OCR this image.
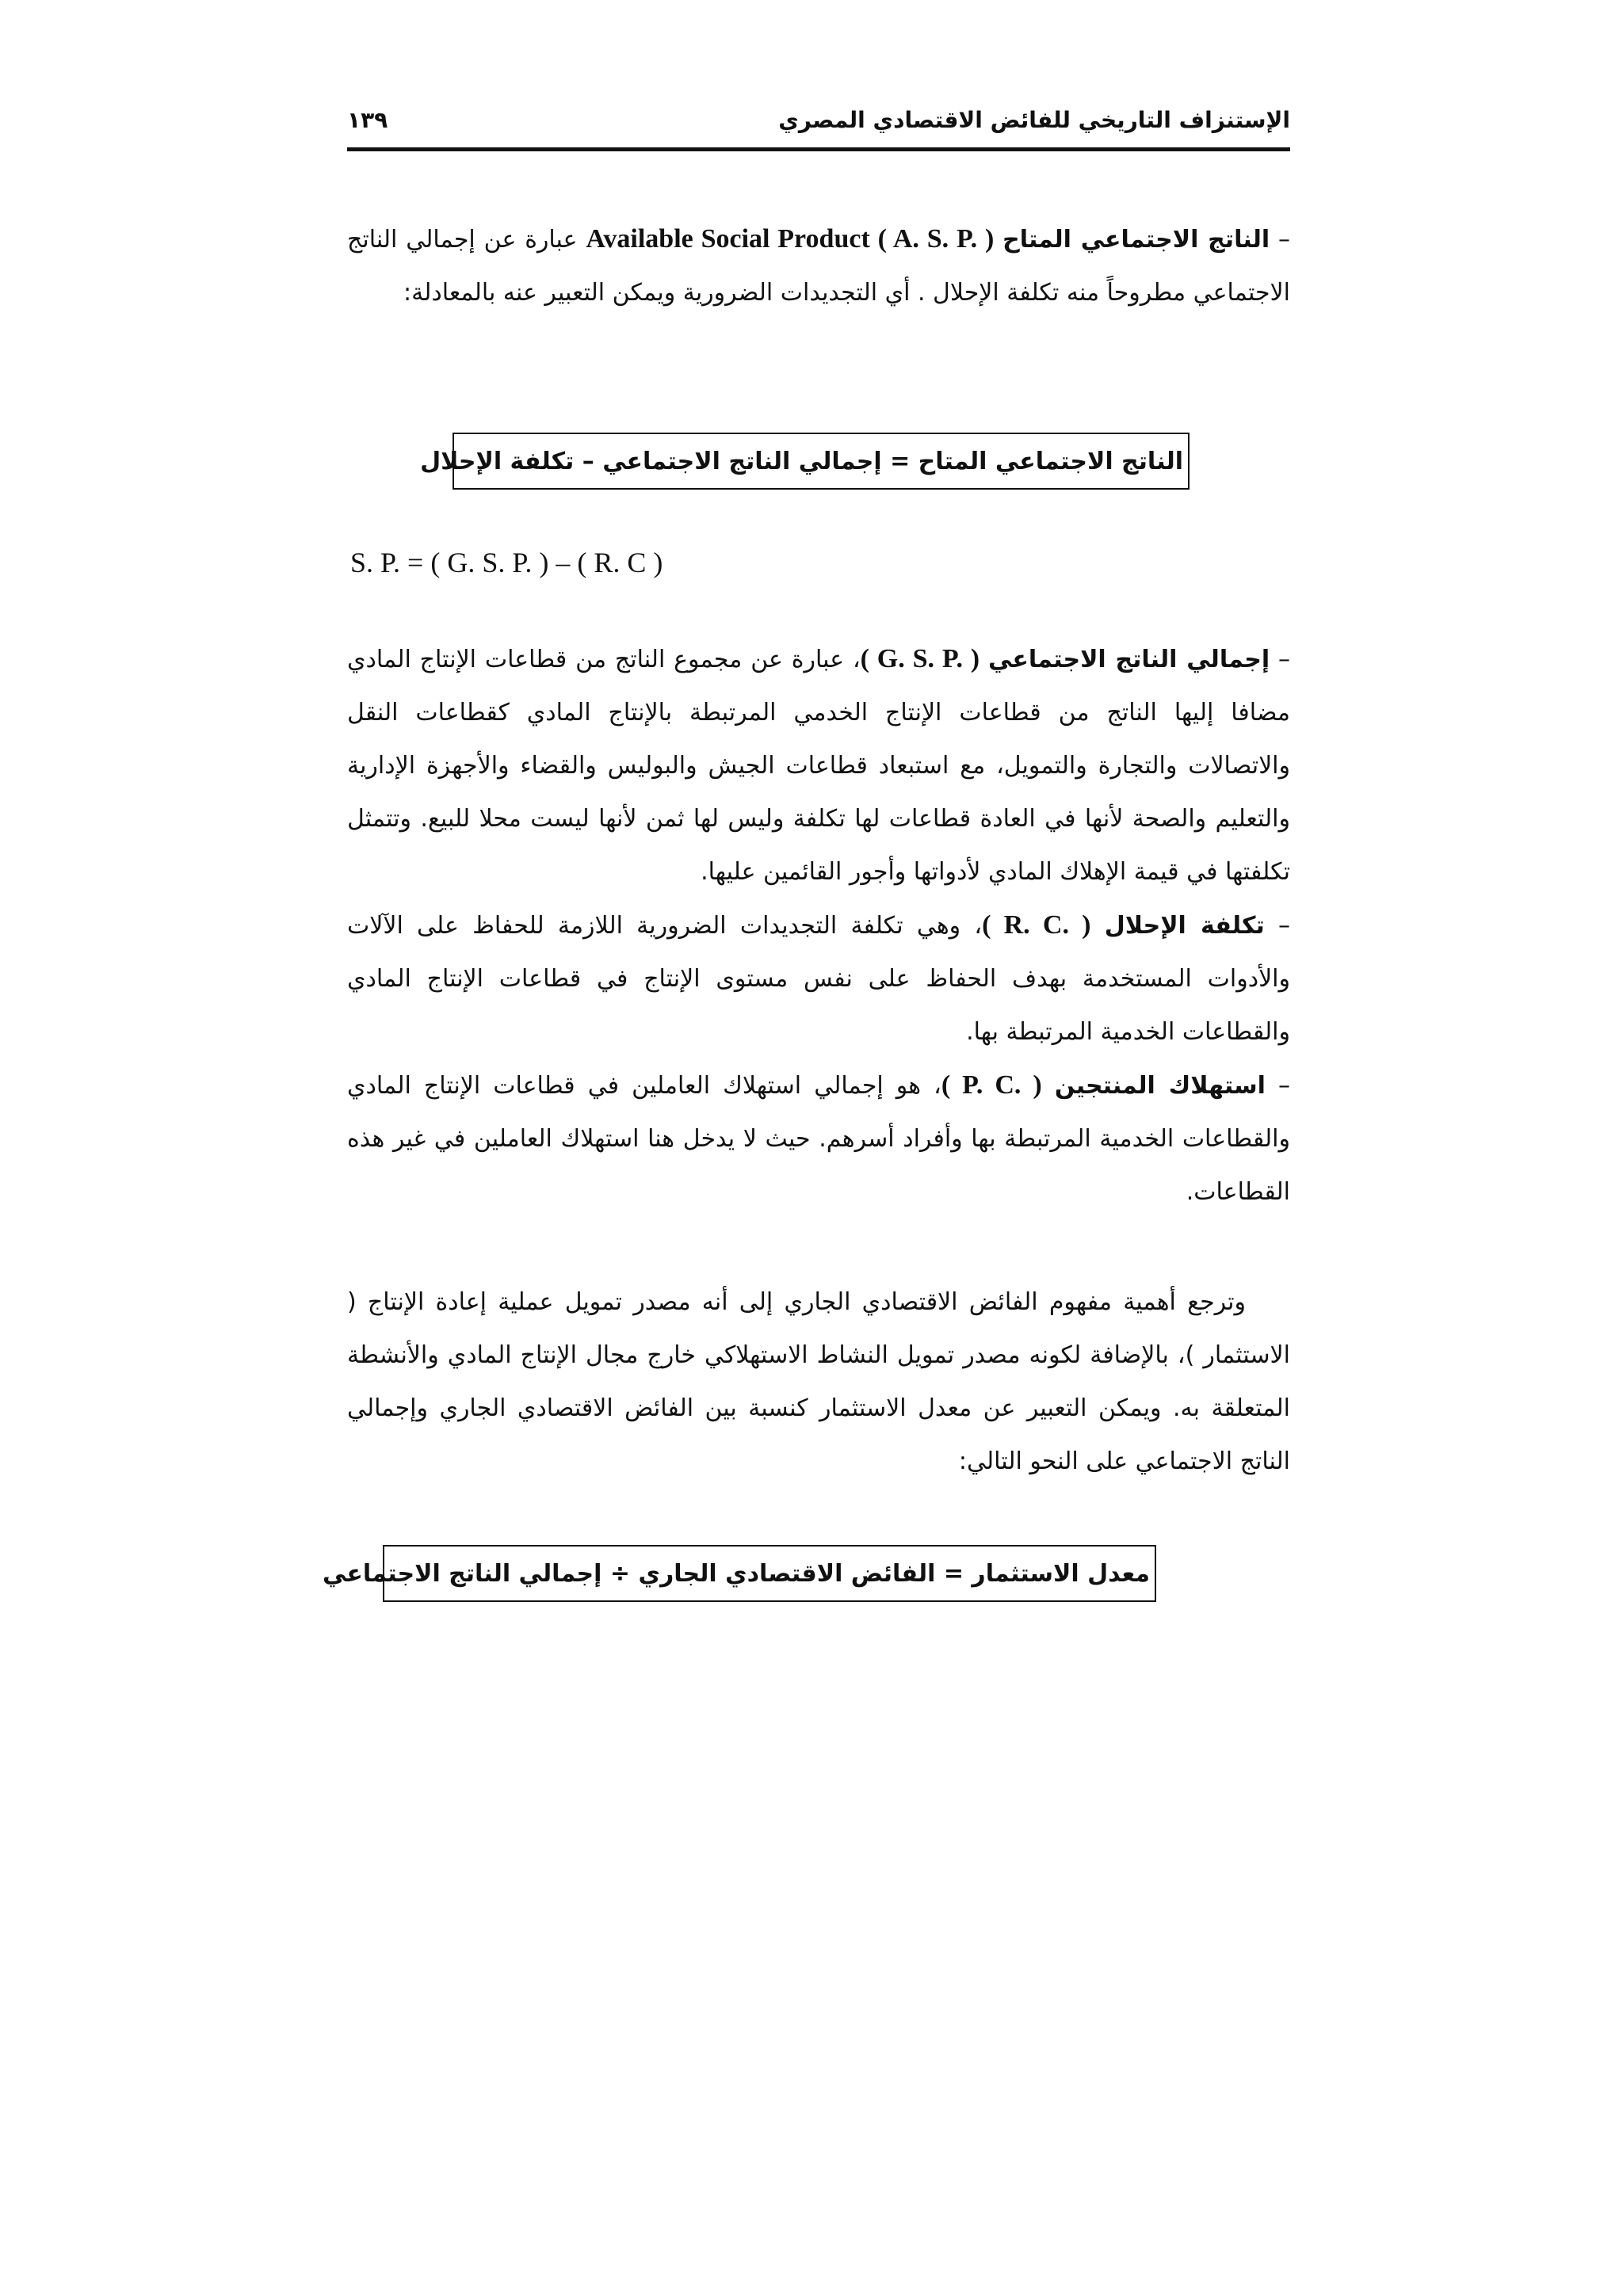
الإستنزاف التاريخي للفائض الاقتصادي المصري
١٣٩

– الناتج الاجتماعي المتاح Available Social Product ( A. S. P. ) عبارة عن إجمالي الناتج الاجتماعي مطروحاً منه تكلفة الإحلال . أي التجديدات الضرورية ويمكن التعبير عنه بالمعادلة:

الناتج الاجتماعي المتاح = إجمالي الناتج الاجتماعي – تكلفة الإحلال
S. P. = ( G. S. P. ) – ( R. C )

– إجمالي الناتج الاجتماعي ( G. S. P. )، عبارة عن مجموع الناتج من قطاعات الإنتاج المادي مضافا إليها الناتج من قطاعات الإنتاج الخدمي المرتبطة بالإنتاج المادي كقطاعات النقل والاتصالات والتجارة والتمويل، مع استبعاد قطاعات الجيش والبوليس والقضاء والأجهزة الإدارية والتعليم والصحة لأنها في العادة قطاعات لها تكلفة وليس لها ثمن لأنها ليست محلا للبيع. وتتمثل تكلفتها في قيمة الإهلاك المادي لأدواتها وأجور القائمين عليها.

– تكلفة الإحلال ( R. C. )، وهي تكلفة التجديدات الضرورية اللازمة للحفاظ على الآلات والأدوات المستخدمة بهدف الحفاظ على نفس مستوى الإنتاج في قطاعات الإنتاج المادي والقطاعات الخدمية المرتبطة بها.

– استهلاك المنتجين ( P. C. )، هو إجمالي استهلاك العاملين في قطاعات الإنتاج المادي والقطاعات الخدمية المرتبطة بها وأفراد أسرهم. حيث لا يدخل هنا استهلاك العاملين في غير هذه القطاعات.

وترجع أهمية مفهوم الفائض الاقتصادي الجاري إلى أنه مصدر تمويل عملية إعادة الإنتاج ( الاستثمار )، بالإضافة لكونه مصدر تمويل النشاط الاستهلاكي خارج مجال الإنتاج المادي والأنشطة المتعلقة به. ويمكن التعبير عن معدل الاستثمار كنسبة بين الفائض الاقتصادي الجاري وإجمالي الناتج الاجتماعي على النحو التالي:

معدل الاستثمار = الفائض الاقتصادي الجاري ÷ إجمالي الناتج الاجتماعي
